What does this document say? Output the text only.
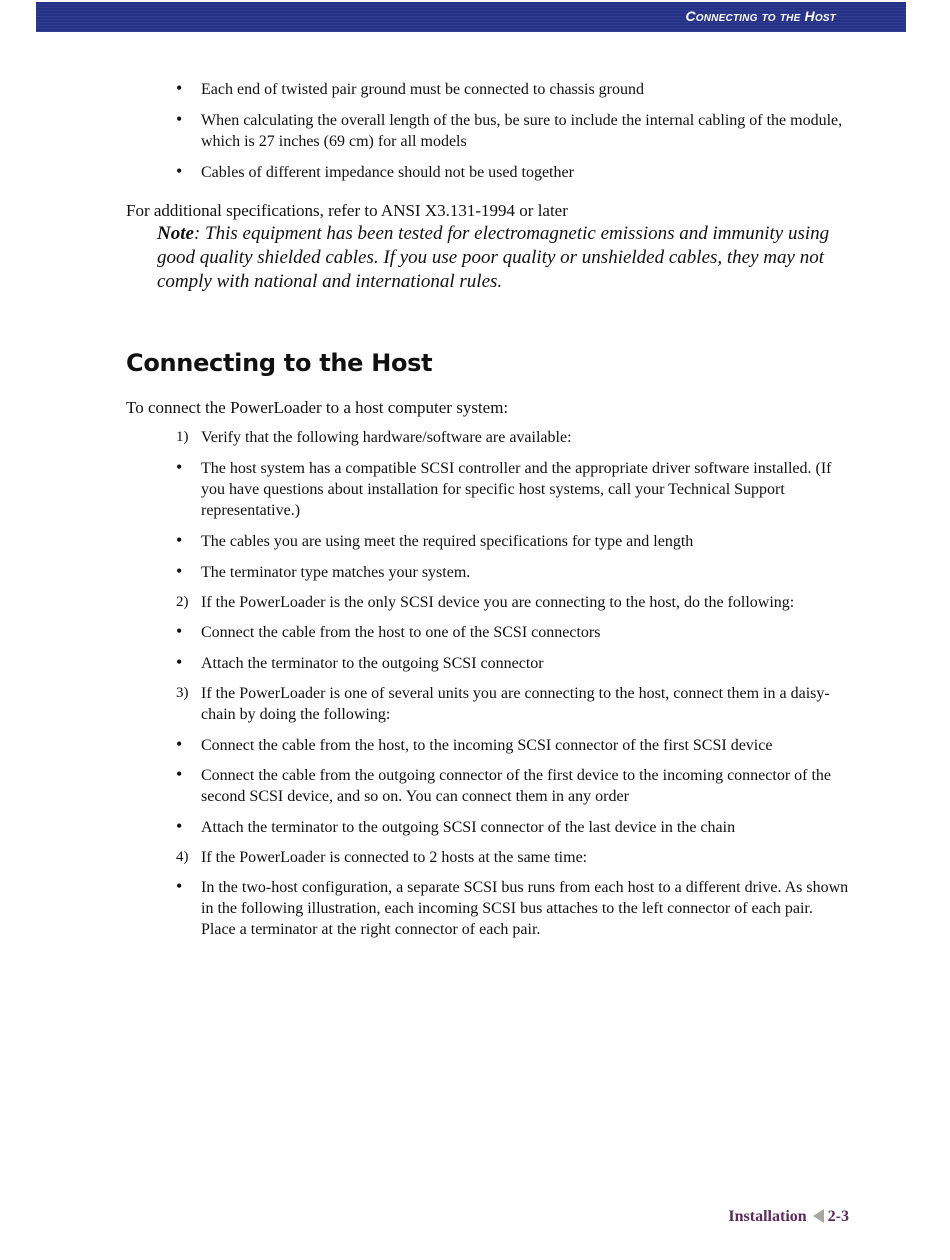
Connecting to the Host
• Each end of twisted pair ground must be connected to chassis ground
• When calculating the overall length of the bus, be sure to include the internal cabling of the module, which is 27 inches (69 cm) for all models
• Cables of different impedance should not be used together
For additional specifications, refer to ANSI X3.131-1994 or later
Note: This equipment has been tested for electromagnetic emissions and immunity using good quality shielded cables. If you use poor quality or unshielded cables, they may not comply with national and international rules.
Connecting to the Host
To connect the PowerLoader to a host computer system:
1) Verify that the following hardware/software are available:
• The host system has a compatible SCSI controller and the appropriate driver software installed. (If you have questions about installation for specific host systems, call your Technical Support representative.)
• The cables you are using meet the required specifications for type and length
• The terminator type matches your system.
2) If the PowerLoader is the only SCSI device you are connecting to the host, do the following:
• Connect the cable from the host to one of the SCSI connectors
• Attach the terminator to the outgoing SCSI connector
3) If the PowerLoader is one of several units you are connecting to the host, connect them in a daisy-chain by doing the following:
• Connect the cable from the host, to the incoming SCSI connector of the first SCSI device
• Connect the cable from the outgoing connector of the first device to the incoming connector of the second SCSI device, and so on. You can connect them in any order
• Attach the terminator to the outgoing SCSI connector of the last device in the chain
4) If the PowerLoader is connected to 2 hosts at the same time:
• In the two-host configuration, a separate SCSI bus runs from each host to a different drive. As shown in the following illustration, each incoming SCSI bus attaches to the left connector of each pair. Place a terminator at the right connector of each pair.
Installation 2-3
